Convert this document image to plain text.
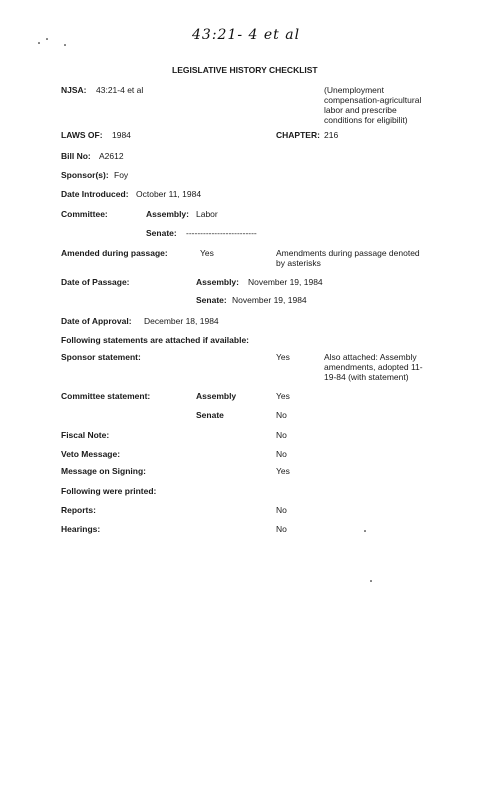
43:21- 4 et al
LEGISLATIVE HISTORY CHECKLIST
NJSA: 43:21-4 et al	(Unemployment
compensation-agricultural
labor and prescribe
conditions for eligibilit)
LAWS OF: 1984	CHAPTER: 216
Bill No: A2612
Sponsor(s): Foy
Date Introduced: October 11, 1984
Committee:	Assembly: Labor
Senate: -------------------------
Amended during passage:	Yes	Amendments during passage denoted
by asterisks
Date of Passage:	Assembly: November 19, 1984
Senate: November 19, 1984
Date of Approval: December 18, 1984
Following statements are attached if available:
Sponsor statement:	Yes	Also attached: Assembly
amendments, adopted 11-
19-84 (with statement)
Committee statement:	Assembly	Yes
Senate	No
Fiscal Note:	No
Veto Message:	No
Message on Signing:	Yes
Following were printed:
Reports:	No
Hearings:	No
